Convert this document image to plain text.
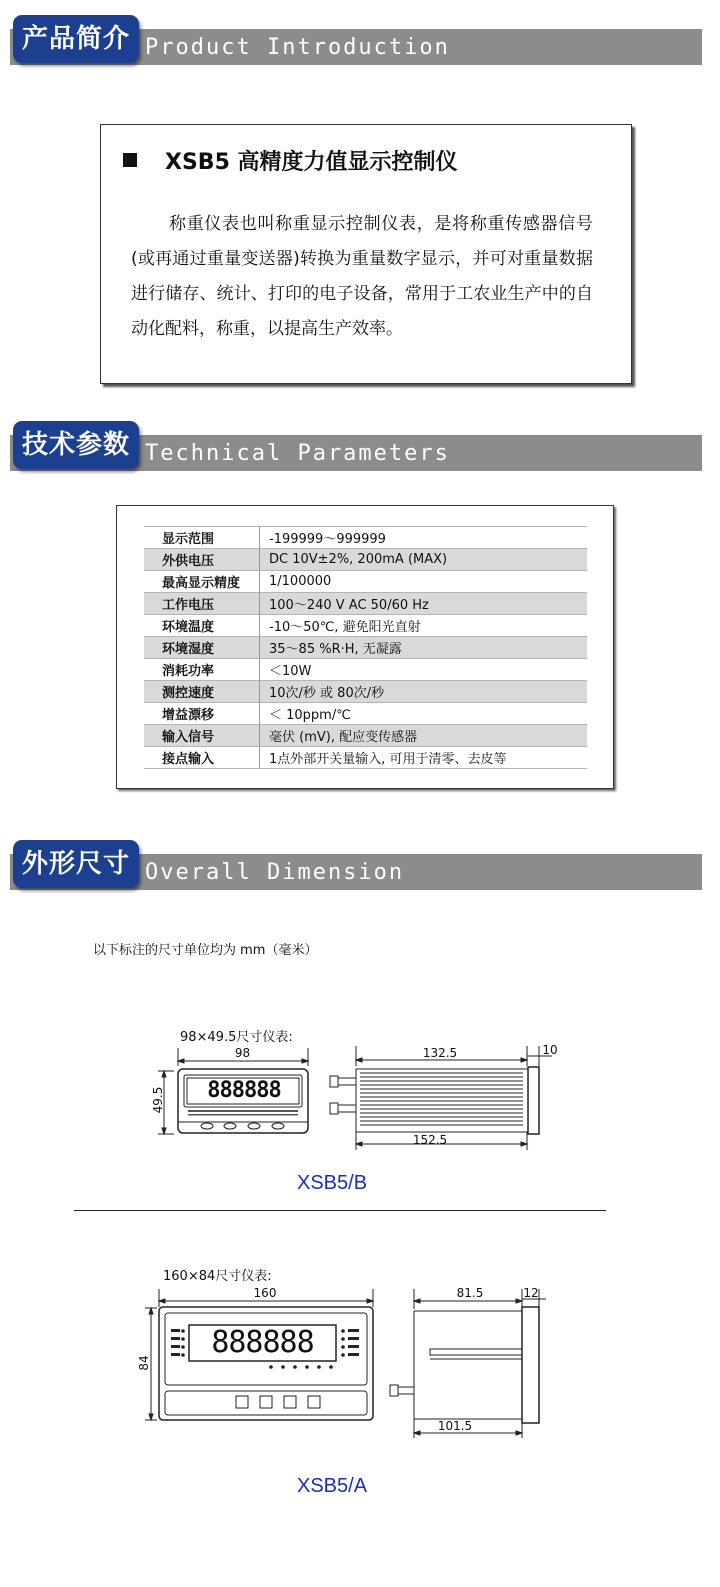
产品简介 Product Introduction
XSB5 高精度力值显示控制仪
称重仪表也叫称重显示控制仪表，是将称重传感器信号(或再通过重量变送器)转换为重量数字显示，并可对重量数据进行储存、统计、打印的电子设备，常用于工农业生产中的自动化配料，称重，以提高生产效率。
技术参数 Technical Parameters
显示范围	-199999～999999
外供电压	DC 10V±2%, 200mA (MAX)
最高显示精度	1/100000
工作电压	100～240 V AC 50/60 Hz
环境温度	-10～50℃, 避免阳光直射
环境湿度	35～85 %R·H, 无凝露
消耗功率	＜10W
测控速度	10次/秒 或 80次/秒
增益漂移	＜ 10ppm/℃
输入信号	毫伏 (mV), 配应变传感器
接点输入	1点外部开关量输入, 可用于清零、去皮等
外形尺寸 Overall Dimension
以下标注的尺寸单位均为 mm（毫米）
98×49.5尺寸仪表:
98
49.5	888888
132.5	10
152.5
XSB5/B
160×84尺寸仪表:
160
84
888888
81.5	12
101.5
XSB5/A
